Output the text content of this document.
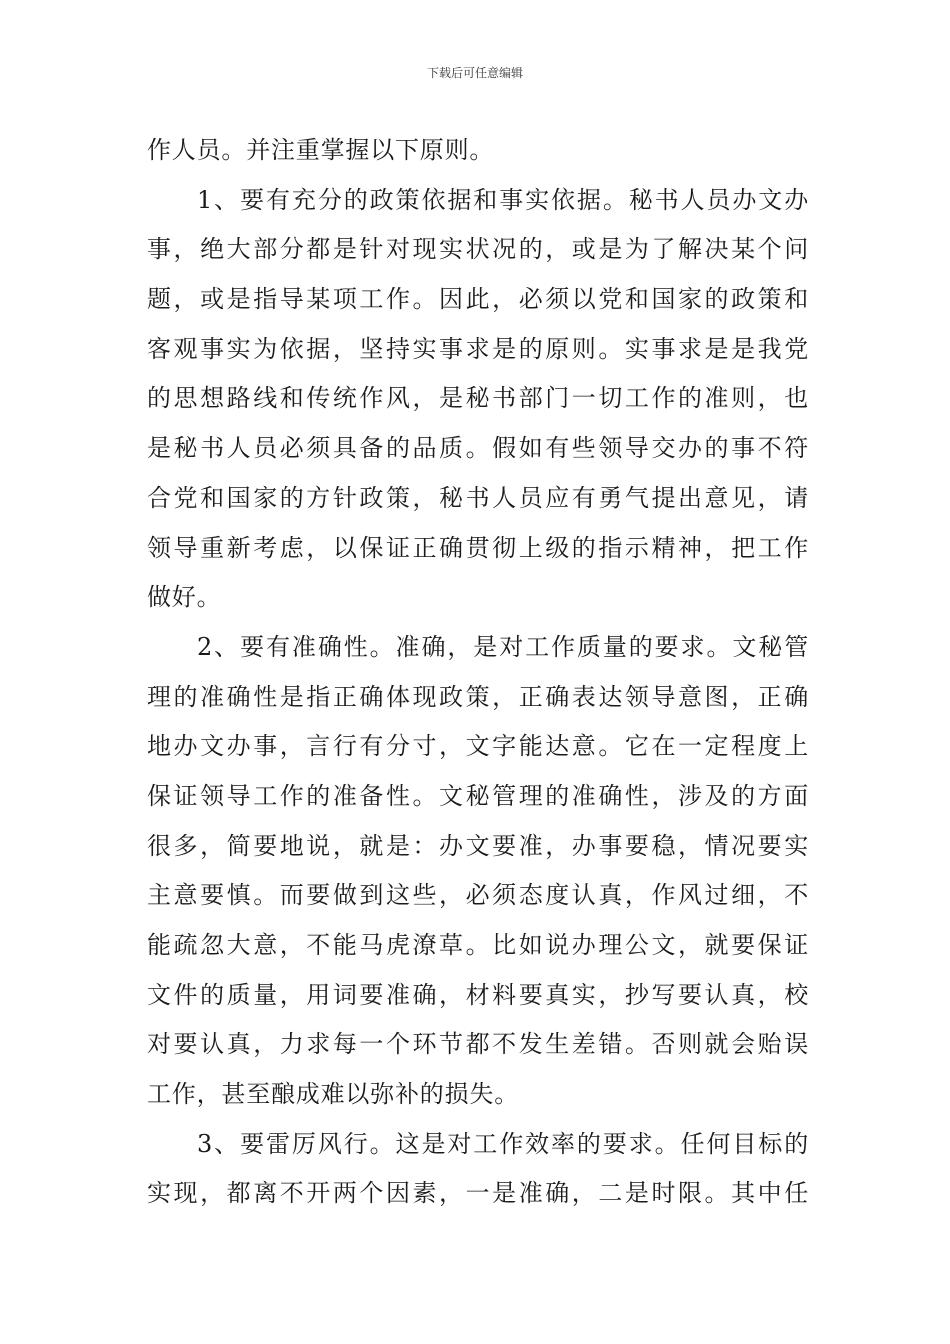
下载后可任意编辑
作人员。并注重掌握以下原则。
1、要有充分的政策依据和事实依据。秘书人员办文办
事，绝大部分都是针对现实状况的，或是为了解决某个问
题，或是指导某项工作。因此，必须以党和国家的政策和
客观事实为依据，坚持实事求是的原则。实事求是是我党
的思想路线和传统作风，是秘书部门一切工作的准则，也
是秘书人员必须具备的品质。假如有些领导交办的事不符
合党和国家的方针政策，秘书人员应有勇气提出意见，请
领导重新考虑，以保证正确贯彻上级的指示精神，把工作
做好。
2、要有准确性。准确，是对工作质量的要求。文秘管
理的准确性是指正确体现政策，正确表达领导意图，正确
地办文办事，言行有分寸，文字能达意。它在一定程度上
保证领导工作的准备性。文秘管理的准确性，涉及的方面
很多，简要地说，就是：办文要准，办事要稳，情况要实
主意要慎。而要做到这些，必须态度认真，作风过细，不
能疏忽大意，不能马虎潦草。比如说办理公文，就要保证
文件的质量，用词要准确，材料要真实，抄写要认真，校
对要认真，力求每一个环节都不发生差错。否则就会贻误
工作，甚至酿成难以弥补的损失。
3、要雷厉风行。这是对工作效率的要求。任何目标的
实现，都离不开两个因素，一是准确，二是时限。其中任
